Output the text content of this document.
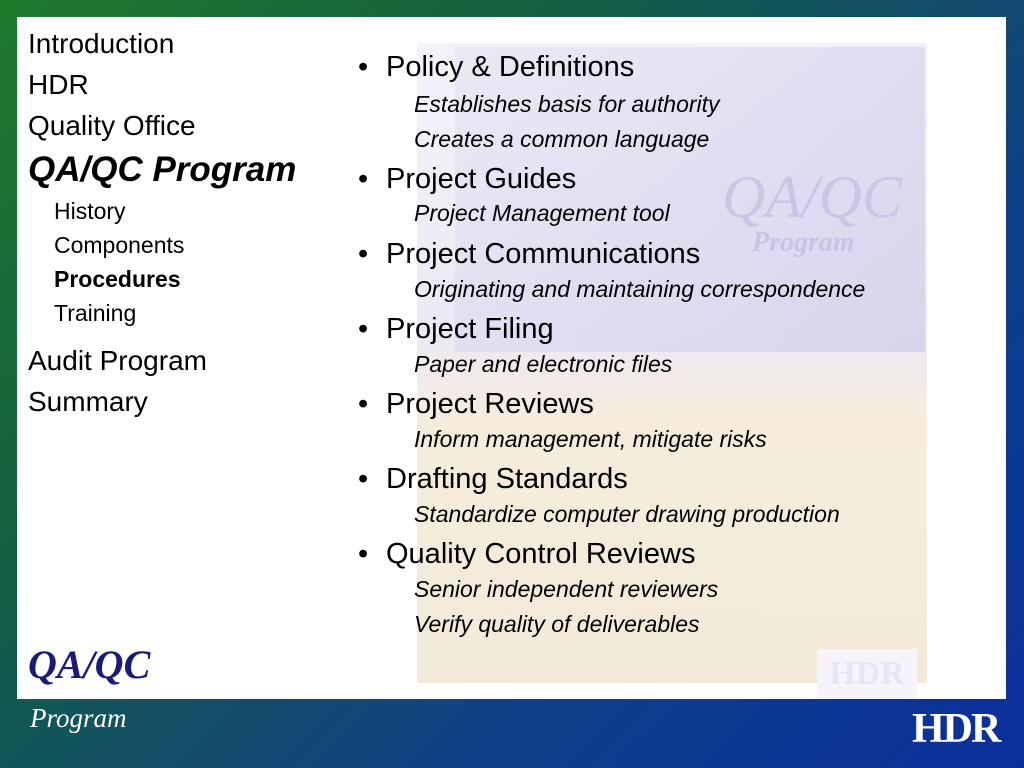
QA/QC
Program
HDR
Introduction
HDR
Quality Office
QA/QC Program
History
Components
Procedures
Training
Audit Program
Summary
• Policy & Definitions
Establishes basis for authority
Creates a common language
• Project Guides
Project Management tool
• Project Communications
Originating and maintaining correspondence
• Project Filing
Paper and electronic files
• Project Reviews
Inform management, mitigate risks
• Drafting Standards
Standardize computer drawing production
• Quality Control Reviews
Senior independent reviewers
Verify quality of deliverables
QA/QC
Program	HDR
